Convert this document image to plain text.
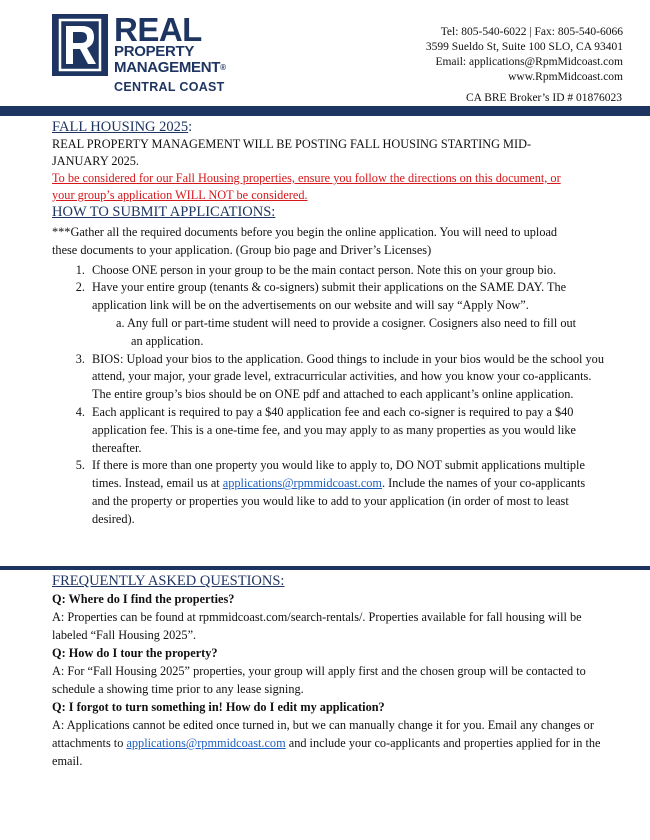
REAL
PROPERTY MANAGEMENT®
CENTRAL COAST
Tel: 805-540-6022 | Fax: 805-540-6066
3599 Sueldo St, Suite 100 SLO, CA 93401
Email: applications@RpmMidcoast.com
www.RpmMidcoast.com
CA BRE Broker’s ID # 01876023
FALL HOUSING 2025:
REAL PROPERTY MANAGEMENT WILL BE POSTING FALL HOUSING STARTING MID-
JANUARY 2025.
To be considered for our Fall Housing properties, ensure you follow the directions on this document, or
your group’s application WILL NOT be considered.
HOW TO SUBMIT APPLICATIONS:
***Gather all the required documents before you begin the online application. You will need to upload
these documents to your application. (Group bio page and Driver’s Licenses)
1. Choose ONE person in your group to be the main contact person. Note this on your group bio.
2. Have your entire group (tenants & co-signers) submit their applications on the SAME DAY. The application link will be on the advertisements on our website and will say “Apply Now”.
a. Any full or part-time student will need to provide a cosigner. Cosigners also need to fill out
an application.
3. BIOS: Upload your bios to the application. Good things to include in your bios would be the school you attend, your major, your grade level, extracurricular activities, and how you know your co-applicants. The entire group’s bios should be on ONE pdf and attached to each applicant’s online application.
4. Each applicant is required to pay a $40 application fee and each co-signer is required to pay a $40 application fee. This is a one-time fee, and you may apply to as many properties as you would like thereafter.
5. If there is more than one property you would like to apply to, DO NOT submit applications multiple times. Instead, email us at applications@rpmmidcoast.com. Include the names of your co-applicants and the property or properties you would like to add to your application (in order of most to least desired).
FREQUENTLY ASKED QUESTIONS:
Q: Where do I find the properties?
A: Properties can be found at rpmmidcoast.com/search-rentals/. Properties available for fall housing will be labeled “Fall Housing 2025”.
Q: How do I tour the property?
A: For “Fall Housing 2025” properties, your group will apply first and the chosen group will be contacted to schedule a showing time prior to any lease signing.
Q: I forgot to turn something in! How do I edit my application?
A: Applications cannot be edited once turned in, but we can manually change it for you. Email any changes or attachments to applications@rpmmidcoast.com and include your co-applicants and properties applied for in the email.
